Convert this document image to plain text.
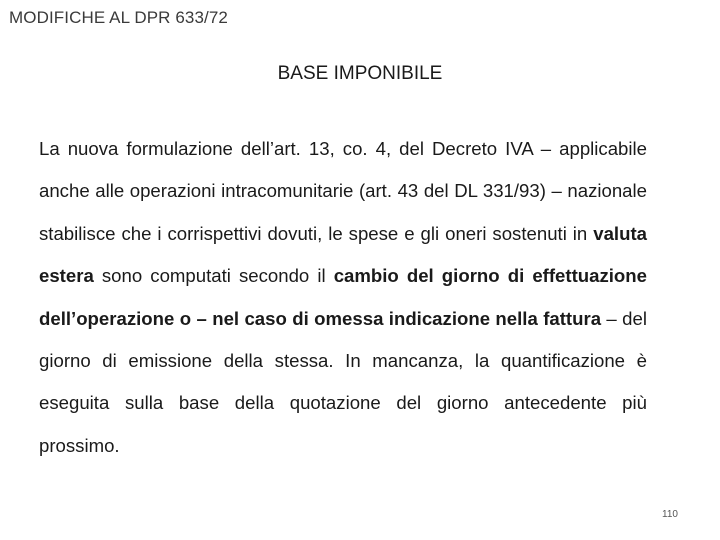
MODIFICHE AL DPR 633/72
BASE IMPONIBILE
La nuova formulazione dell’art. 13, co. 4, del Decreto IVA – applicabile anche alle operazioni intracomunitarie (art. 43 del DL 331/93) – nazionale stabilisce che i corrispettivi dovuti, le spese e gli oneri sostenuti in valuta estera sono computati secondo il cambio del giorno di effettuazione dell’operazione o – nel caso di omessa indicazione nella fattura – del giorno di emissione della stessa. In mancanza, la quantificazione è eseguita sulla base della quotazione del giorno antecedente più prossimo.
110
